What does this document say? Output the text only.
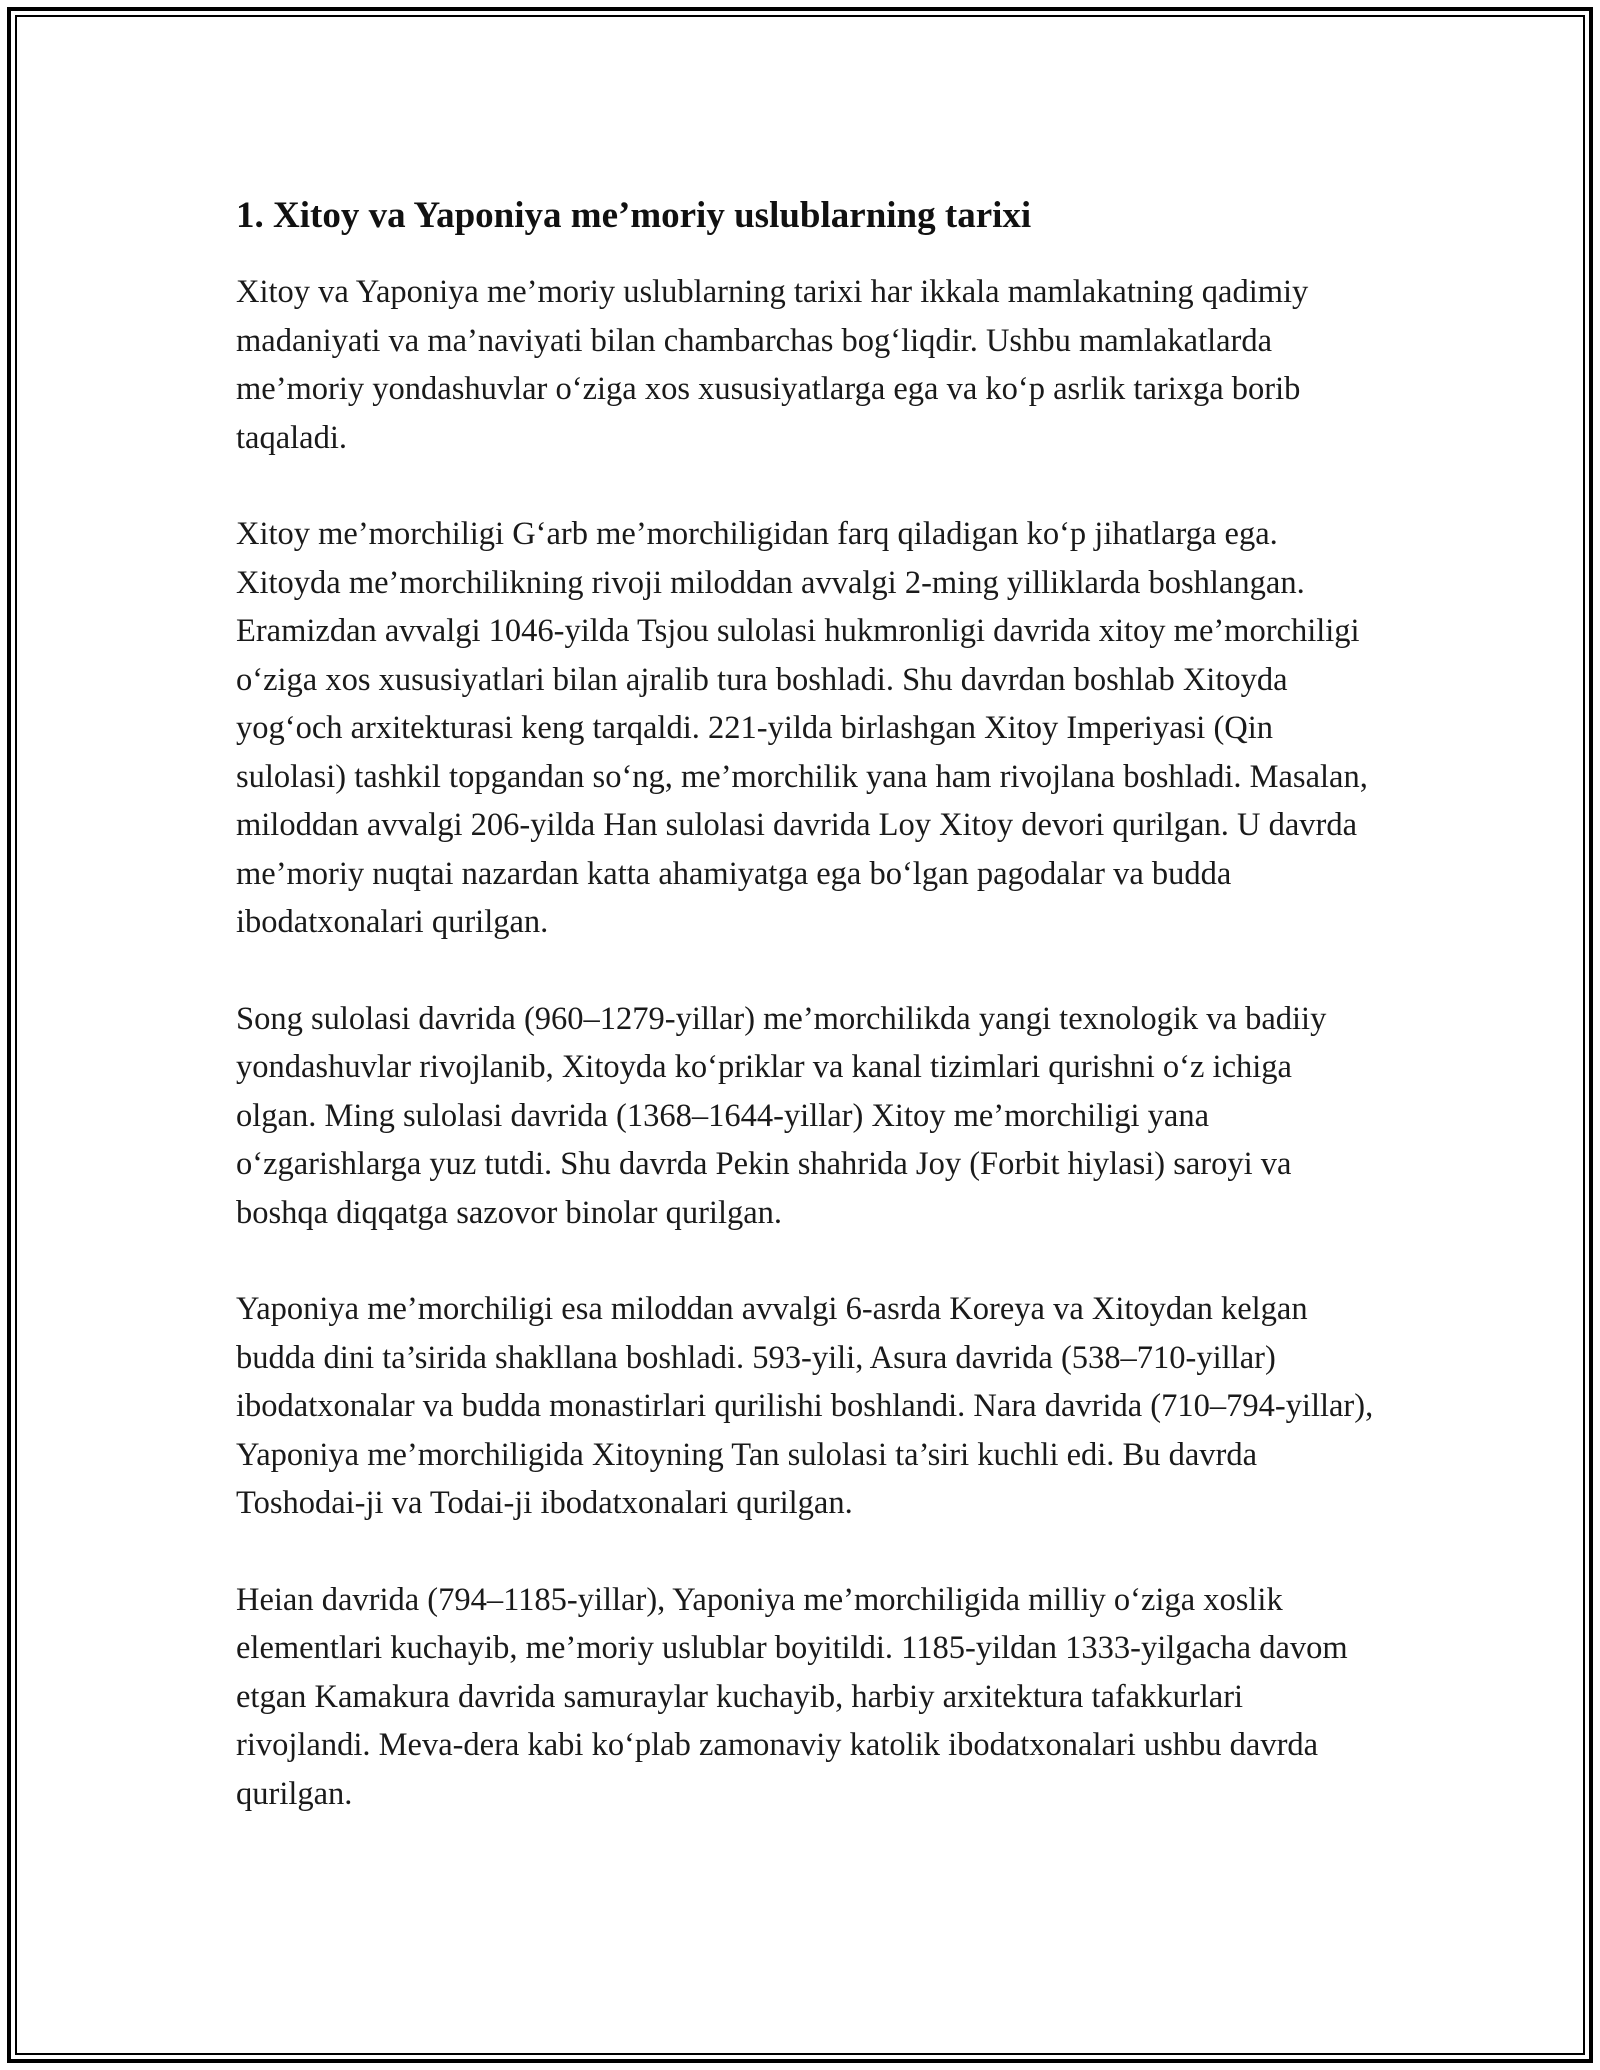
1. Xitoy va Yaponiya me’moriy uslublarning tarixi

Xitoy va Yaponiya me’moriy uslublarning tarixi har ikkala mamlakatning qadimiy madaniyati va ma’naviyati bilan chambarchas bog‘liqdir. Ushbu mamlakatlarda me’moriy yondashuvlar o‘ziga xos xususiyatlarga ega va ko‘p asrlik tarixga borib taqaladi.

Xitoy me’morchiligi G‘arb me’morchiligidan farq qiladigan ko‘p jihatlarga ega. Xitoyda me’morchilikning rivoji miloddan avvalgi 2-ming yilliklarda boshlangan. Eramizdan avvalgi 1046-yilda Tsjou sulolasi hukmronligi davrida xitoy me’morchiligi o‘ziga xos xususiyatlari bilan ajralib tura boshladi. Shu davrdan boshlab Xitoyda yog‘och arxitekturasi keng tarqaldi. 221-yilda birlashgan Xitoy Imperiyasi (Qin sulolasi) tashkil topgandan so‘ng, me’morchilik yana ham rivojlana boshladi. Masalan, miloddan avvalgi 206-yilda Han sulolasi davrida Loy Xitoy devori qurilgan. U davrda me’moriy nuqtai nazardan katta ahamiyatga ega bo‘lgan pagodalar va budda ibodatxonalari qurilgan.

Song sulolasi davrida (960–1279-yillar) me’morchilikda yangi texnologik va badiiy yondashuvlar rivojlanib, Xitoyda ko‘priklar va kanal tizimlari qurishni o‘z ichiga olgan. Ming sulolasi davrida (1368–1644-yillar) Xitoy me’morchiligi yana o‘zgarishlarga yuz tutdi. Shu davrda Pekin shahrida Joy (Forbit hiylasi) saroyi va boshqa diqqatga sazovor binolar qurilgan.

Yaponiya me’morchiligi esa miloddan avvalgi 6-asrda Koreya va Xitoydan kelgan budda dini ta’sirida shakllana boshladi. 593-yili, Asura davrida (538–710-yillar) ibodatxonalar va budda monastirlari qurilishi boshlandi. Nara davrida (710–794-yillar), Yaponiya me’morchiligida Xitoyning Tan sulolasi ta’siri kuchli edi. Bu davrda Toshodai-ji va Todai-ji ibodatxonalari qurilgan.

Heian davrida (794–1185-yillar), Yaponiya me’morchiligida milliy o‘ziga xoslik elementlari kuchayib, me’moriy uslublar boyitildi. 1185-yildan 1333-yilgacha davom etgan Kamakura davrida samuraylar kuchayib, harbiy arxitektura tafakkurlari rivojlandi. Meva-dera kabi ko‘plab zamonaviy katolik ibodatxonalari ushbu davrda qurilgan.
